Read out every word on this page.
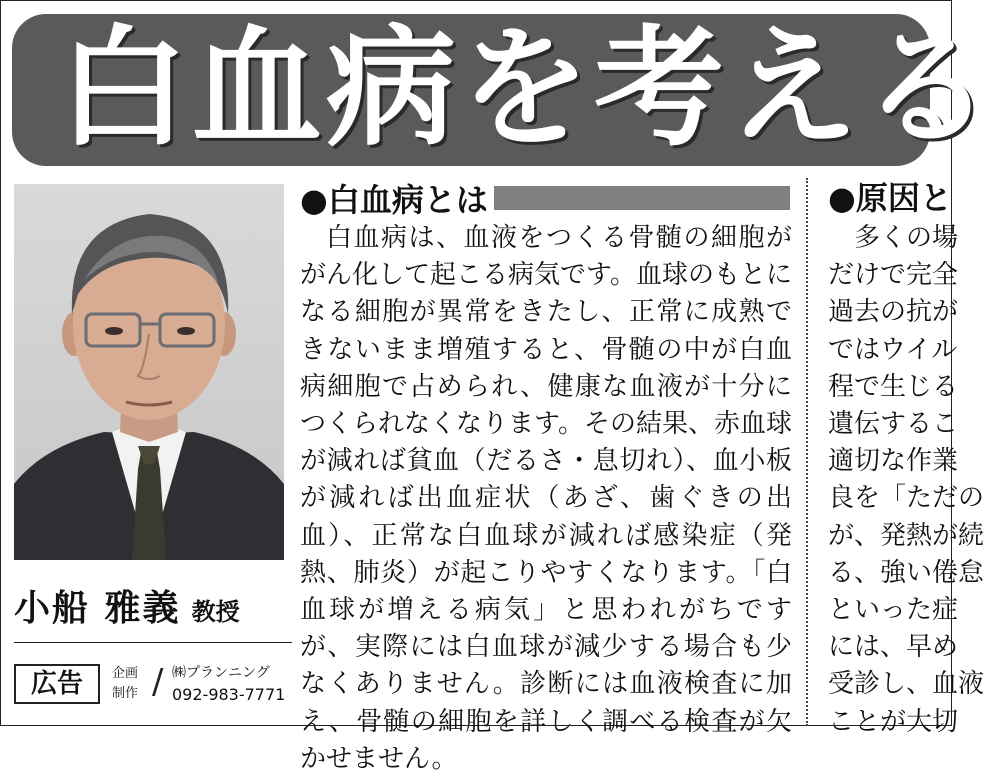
白血病を考える
小船 雅義 教授
広告	企画
制作 / ㈱プランニング
092-983-7771
●白血病とは

白血病は、血液をつくる骨髄の細胞ががん化して起こる病気です。血球のもとになる細胞が異常をきたし、正常に成熟できないまま増殖すると、骨髄の中が白血病細胞で占められ、健康な血液が十分につくられなくなります。その結果、赤血球が減れば貧血（だるさ・息切れ）、血小板が減れば出血症状（あざ、歯ぐきの出血）、正常な白血球が減れば感染症（発熱、肺炎）が起こりやすくなります。「白血球が増える病気」と思われがちですが、実際には白血球が減少する場合も少なくありません。診断には血液検査に加え、骨髄の細胞を詳しく調べる検査が欠かせません。

●原因と
多くの場
だけで完全
過去の抗が
ではウイル
程で生じる
遺伝するこ
適切な作業
良を「ただの
が、発熱が続
る、強い倦怠
といった症
には、早め
受診し、血液
ことが大切
